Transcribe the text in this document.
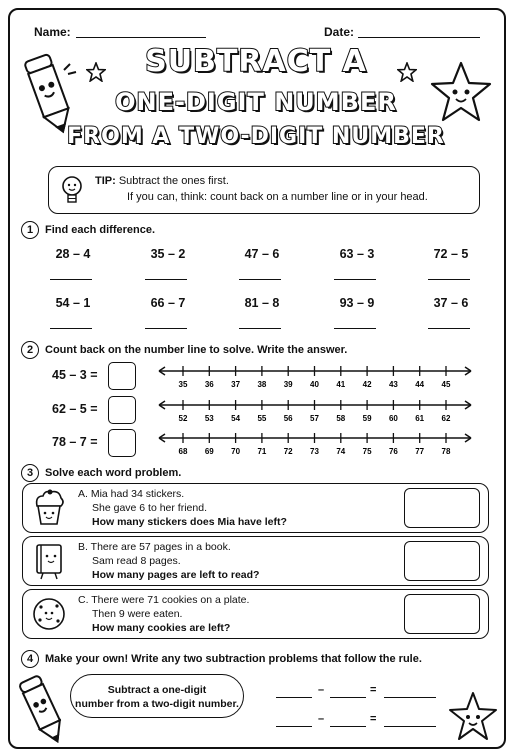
Name:	Date:
SUBTRACT A
ONE-DIGIT NUMBER
FROM A TWO-DIGIT NUMBER
TIP: Subtract the ones first.
If you can, think: count back on a number line or in your head.
1	Find each difference.
28 – 4	35 – 2	47 – 6	63 – 3	72 – 5
54 – 1	66 – 7	81 – 8	93 – 9	37 – 6
2	Count back on the number line to solve. Write the answer.
45 – 3 =
35 36 37 38 39 40 41 42 43 44 45
62 – 5 =
52 53 54 55 56 57 58 59 60 61 62
78 – 7 =
68 69 70 71 72 73 74 75 76 77 78
3	Solve each word problem.
A. Mia had 34 stickers.
She gave 6 to her friend.
How many stickers does Mia have left?
B. There are 57 pages in a book.
Sam read 8 pages.
How many pages are left to read?
C. There were 71 cookies on a plate.
Then 9 were eaten.
How many cookies are left?
4	Make your own! Write any two subtraction problems that follow the rule.
Subtract a one-digit
number from a two-digit number.
–	=
–	=
